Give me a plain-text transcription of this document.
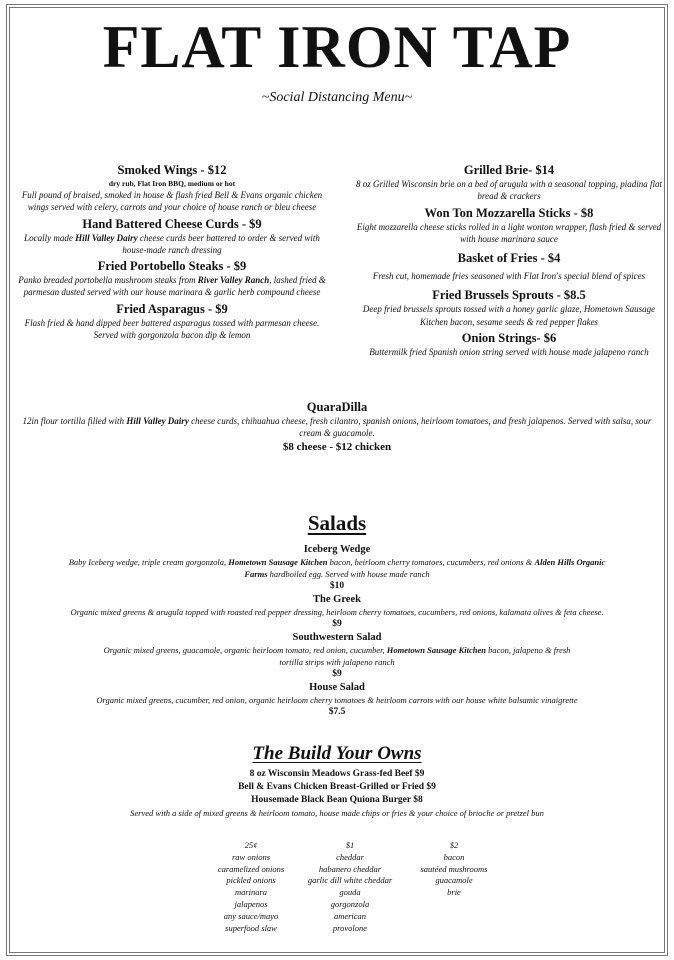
FLAT IRON TAP
~Social Distancing Menu~
Smoked Wings - $12
dry rub, Flat Iron BBQ, medium or hot
Full pound of braised, smoked in house & flash fried Bell & Evans organic chicken wings served with celery, carrots and your choice of house ranch or bleu cheese
Hand Battered Cheese Curds - $9
Locally made Hill Valley Dairy cheese curds beer battered to order & served with house-made ranch dressing
Fried Portobello Steaks - $9
Panko breaded portobella mushroom steaks from River Valley Ranch, lashed fried & parmesan dusted served with our house marinara & garlic herb compound cheese
Fried Asparagus - $9
Flash fried & hand dipped beer battered asparagus tossed with parmesan cheese. Served with gorgonzola bacon dip & lemon
Grilled Brie- $14
8 oz Grilled Wisconsin brie on a bed of arugula with a seasonal topping, piadina flat bread & crackers
Won Ton Mozzarella Sticks - $8
Eight mozzarella cheese sticks rolled in a light wonton wrapper, flash fried & served with house marinara sauce
Basket of Fries - $4
Fresh cut, homemade fries seasoned with Flat Iron's special blend of spices
Fried Brussels Sprouts - $8.5
Deep fried brussels sprouts tossed with a honey garlic glaze, Hometown Sausage Kitchen bacon, sesame seeds & red pepper flakes
Onion Strings- $6
Buttermilk fried Spanish onion string served with house made jalapeno ranch
QuaraDilla
12in flour tortilla filled with Hill Valley Dairy cheese curds, chihuahua cheese, fresh cilantro, spanish onions, heirloom tomatoes, and fresh jalapenos. Served with salsa, sour cream & guacamole.
$8 cheese - $12 chicken
Salads
Iceberg Wedge
Baby Iceberg wedge, triple cream gorgonzola, Hometown Sausage Kitchen bacon, heirloom cherry tomatoes, cucumbers, red onions & Alden Hills Organic Farms hardboiled egg. Served with house made ranch
$10
The Greek
Organic mixed greens & arugula topped with roasted red pepper dressing, heirloom cherry tomatoes, cucumbers, red onions, kalamata olives & feta cheese.
$9
Southwestern Salad
Organic mixed greens, guacamole, organic heirloom tomato, red onion, cucumber, Hometown Sausage Kitchen bacon, jalapeno & fresh tortilla strips with jalapeno ranch
$9
House Salad
Organic mixed greens, cucumber, red onion, organic heirloom cherry tomatoes & heirloom carrots with our house white balsamic vinaigrette
$7.5
The Build Your Owns
8 oz Wisconsin Meadows Grass-fed Beef $9
Bell & Evans Chicken Breast-Grilled or Fried $9
Housemade Black Bean Quiona Burger $8
Served with a side of mixed greens & heirloom tomato, house made chips or fries & your choice of brioche or pretzel bun
25¢
raw onions
caramelized onions
pickled onions
marinara
jalapenos
any sauce/mayo
superfood slaw
$1
cheddar
habanero cheddar
garlic dill white cheddar
gouda
gorgonzola
american
provolone
$2
bacon
sautéed mushrooms
guacamole
brie
